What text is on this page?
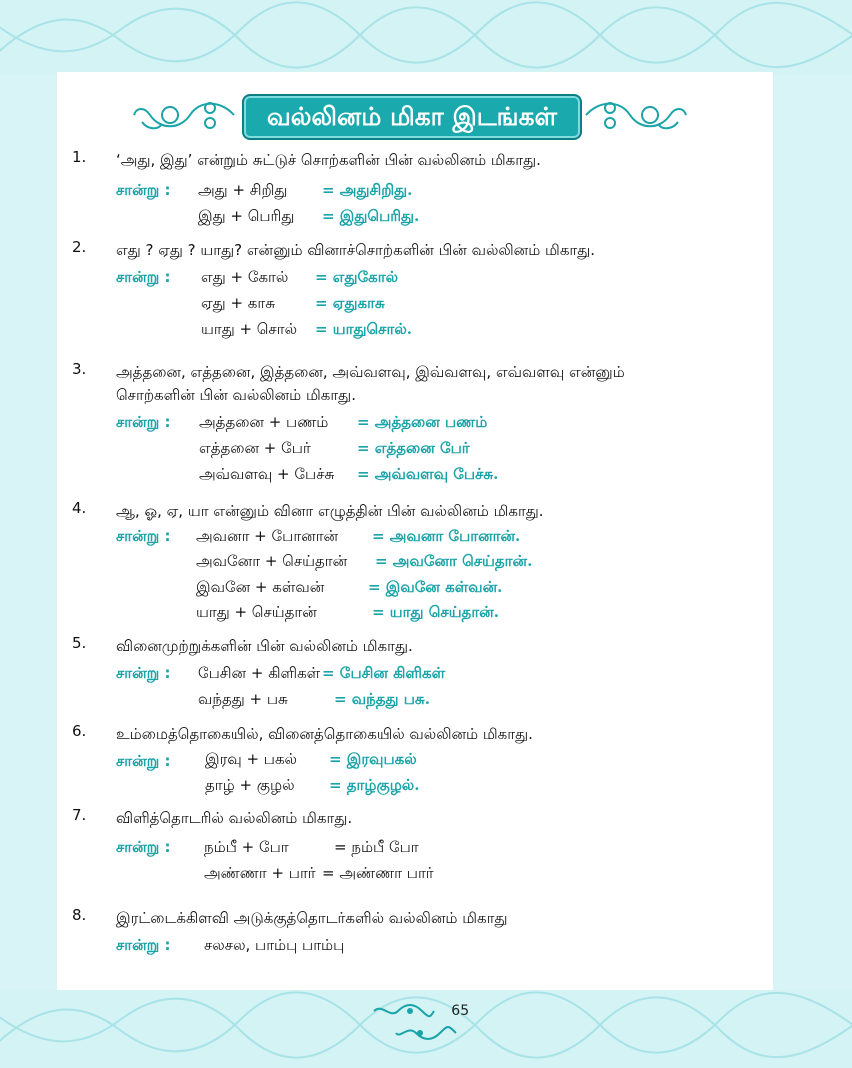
வல்லினம் மிகா இடங்கள்
1.	‘அது, இது’ என்றும் சுட்டுச் சொற்களின் பின் வல்லினம் மிகாது.
சான்று : அது + சிறிது = அதுசிறிது.
இது + பெரிது = இதுபெரிது.
2.	எது ? ஏது ? யாது? என்னும் வினாச்சொற்களின் பின் வல்லினம் மிகாது.
சான்று : எது + கோல் = எதுகோல்
ஏது + காசு	= ஏதுகாசு
யாது + சொல் = யாதுசொல்.
3.	அத்தனை, எத்தனை, இத்தனை, அவ்வளவு, இவ்வளவு, எவ்வளவு என்னும்
சொற்களின் பின் வல்லினம் மிகாது.
சான்று : அத்தனை + பணம் = அத்தனை பணம்
எத்தனை + பேர்	= எத்தனை பேர்
அவ்வளவு + பேச்சு = அவ்வளவு பேச்சு.
4.	ஆ, ஓ, ஏ, யா என்னும் வினா எழுத்தின் பின் வல்லினம் மிகாது.
சான்று : அவனா + போனான் = அவனா போனான்.
அவனோ + செய்தான் = அவனோ செய்தான்.
இவனே + கள்வன்	= இவனே கள்வன்.
யாது + செய்தான்	= யாது செய்தான்.
5.	வினைமுற்றுக்களின் பின் வல்லினம் மிகாது.
சான்று : பேசின + கிளிகள் = பேசின கிளிகள்
வந்தது + பசு	= வந்தது பசு.
6.	உம்மைத்தொகையில், வினைத்தொகையில் வல்லினம் மிகாது.
சான்று : இரவு + பகல் = இரவுபகல்
தாழ் + குழல் = தாழ்குழல்.
7.	விளித்தொடரில் வல்லினம் மிகாது.
சான்று : நம்பீ + போ	= நம்பீ போ
அண்ணா + பார் = அண்ணா பார்
8.	இரட்டைக்கிளவி அடுக்குத்தொடர்களில் வல்லினம் மிகாது
சான்று : சலசல, பாம்பு பாம்பு
65
